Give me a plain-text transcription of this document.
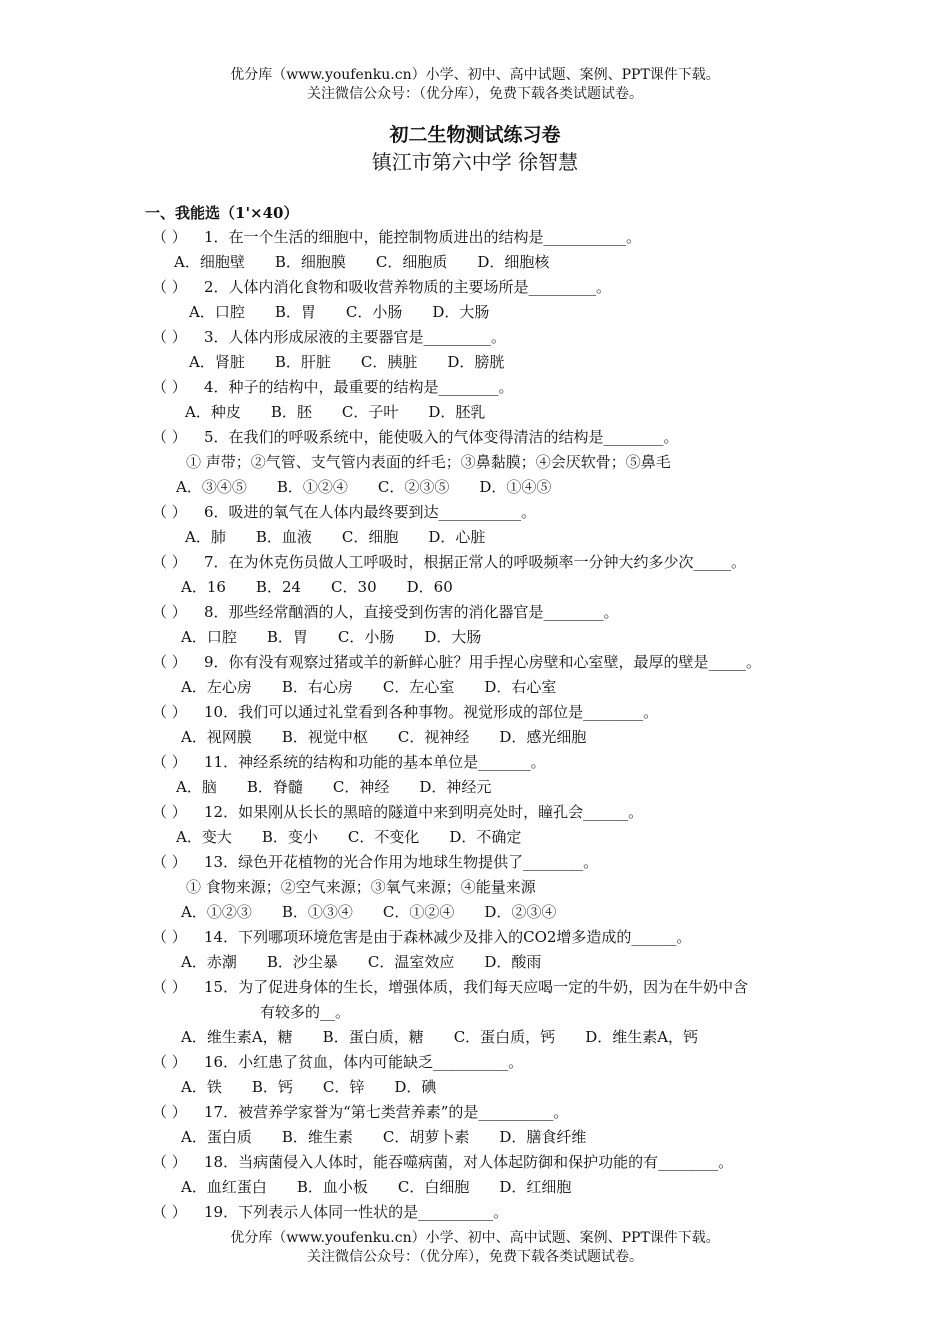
优分库（www.youfenku.cn）小学、初中、高中试题、案例、PPT课件下载。
关注微信公众号：（优分库），免费下载各类试题试卷。
初二生物测试练习卷
镇江市第六中学 徐智慧
一、我能选（1'×40）
（ ） 1．在一个生活的细胞中，能控制物质进出的结构是___________。
A．细胞壁 B．细胞膜 C．细胞质 D．细胞核
（ ） 2．人体内消化食物和吸收营养物质的主要场所是_________。
A．口腔 B．胃 C．小肠 D．大肠
（ ） 3．人体内形成尿液的主要器官是_________。
A．肾脏 B．肝脏 C．胰脏 D．膀胱
（ ） 4．种子的结构中，最重要的结构是________。
A．种皮 B．胚 C．子叶 D．胚乳
（ ） 5．在我们的呼吸系统中，能使吸入的气体变得清洁的结构是________。
① 声带；②气管、支气管内表面的纤毛；③鼻黏膜；④会厌软骨；⑤鼻毛
A．③④⑤ B．①②④ C．②③⑤ D．①④⑤
（ ） 6．吸进的氧气在人体内最终要到达___________。
A．肺 B．血液 C．细胞 D．心脏
（ ） 7．在为休克伤员做人工呼吸时，根据正常人的呼吸频率一分钟大约多少次_____。
A．16 B．24 C．30 D．60
（ ） 8．那些经常酗酒的人，直接受到伤害的消化器官是________。
A．口腔 B．胃 C．小肠 D．大肠
（ ） 9．你有没有观察过猪或羊的新鲜心脏？用手捏心房壁和心室壁，最厚的壁是_____。
A．左心房 B．右心房 C．左心室 D．右心室
（ ） 10．我们可以通过礼堂看到各种事物。视觉形成的部位是________。
A．视网膜 B．视觉中枢 C．视神经 D．感光细胞
（ ） 11．神经系统的结构和功能的基本单位是_______。
A．脑 B．脊髓 C．神经 D．神经元
（ ） 12．如果刚从长长的黑暗的隧道中来到明亮处时，瞳孔会______。
A．变大 B．变小 C．不变化 D．不确定
（ ） 13．绿色开花植物的光合作用为地球生物提供了________。
① 食物来源；②空气来源；③氧气来源；④能量来源
A．①②③ B．①③④ C．①②④ D．②③④
（ ） 14．下列哪项环境危害是由于森林减少及排入的CO2增多造成的______。
A．赤潮 B．沙尘暴 C．温室效应 D．酸雨
（ ） 15．为了促进身体的生长，增强体质，我们每天应喝一定的牛奶，因为在牛奶中含
有较多的__。
A．维生素A，糖 B．蛋白质，糖 C．蛋白质，钙 D．维生素A，钙
（ ） 16．小红患了贫血，体内可能缺乏__________。
A．铁 B．钙 C．锌 D．碘
（ ） 17．被营养学家誉为“第七类营养素”的是__________。
A．蛋白质 B．维生素 C．胡萝卜素 D．膳食纤维
（ ） 18．当病菌侵入人体时，能吞噬病菌，对人体起防御和保护功能的有________。
A．血红蛋白 B．血小板 C．白细胞 D．红细胞
（ ） 19．下列表示人体同一性状的是__________。
优分库（www.youfenku.cn）小学、初中、高中试题、案例、PPT课件下载。
关注微信公众号：（优分库），免费下载各类试题试卷。
